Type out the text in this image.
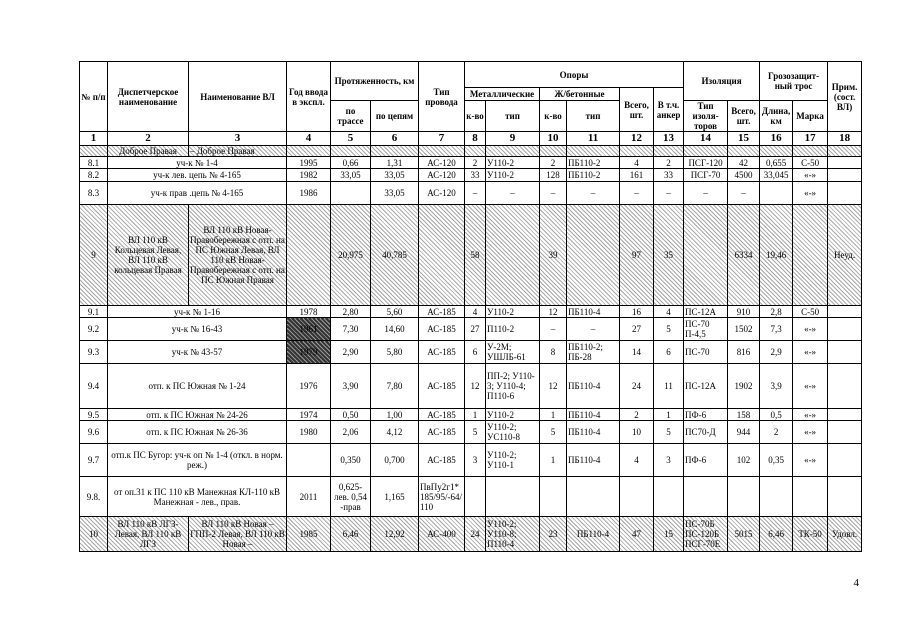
№ п/п	Диспетчерское наименование	Наименование ВЛ	Год ввода в экспл.	Протяженность, км		Тип провода	Опоры						Изоляция		Грозозащит-ный трос		Прим. (сост. ВЛ)
							Металлические		Ж/бетонные		Всего, шт.	В т.ч. анкер					
				по трассе	по цепям		к-во	тип	к-во	тип			Тип изоля-торов	Всего, шт.	Длина, км	Марка	
1	2	3	4	5	6	7	8	9	10	11	12	13	14	15	16	17	18
	Доброе Правая	– Доброе Правая															
8.1	уч-к № 1-4		1995	0,66	1,31	АС-120	2	У110-2	2	ПБ110-2	4	2	ПСГ-120	42	0,655	С-50	
8.2	уч-к лев. цепь № 4-165		1982	33,05	33,05	АС-120	33	У110-2	128	ПБ110-2	161	33	ПСГ-70	4500	33,045	«-»	
8.3	уч-к прав .цепь № 4-165		1986		33,05	АС-120	–	–	–	–	–	–	–	–		«-»	
9	ВЛ 110 кВ Кольцевая Левая, ВЛ 110 кВ кольцевая Правая	ВЛ 110 кВ Новая-Правобережная с отп. на ПС Южная Левая, ВЛ 110 кВ Новая-Правобережная с отп. на ПС Южная Правая		20,975	40,785		58		39		97	35		6334	19,46		Неуд.
9.1	уч-к № 1-16		1978	2,80	5,60	АС-185	4	У110-2	12	ПБ110-4	16	4	ПС-12А	910	2,8	С-50	
9.2	уч-к № 16-43		1961	7,30	14,60	АС-185	27	П110-2	–	–	27	5	ПС-70 П-4,5	1502	7,3	«-»	
9.3	уч-к № 43-57		1979	2,90	5,80	АС-185	6	У-2М; УШЛБ-61	8	ПБ110-2; ПБ-28	14	6	ПС-70	816	2,9	«-»	
9.4	отп. к ПС Южная № 1-24		1976	3,90	7,80	АС-185	12	ПП-2; У110-3; У110-4; П110-6	12	ПБ110-4	24	11	ПС-12А	1902	3,9	«-»	
9.5	отп. к ПС Южная № 24-26		1974	0,50	1,00	АС-185	1	У110-2	1	ПБ110-4	2	1	ПФ-6	158	0,5	«-»	
9.6	отп. к ПС Южная № 26-36		1980	2,06	4,12	АС-185	5	У110-2; УС110-8	5	ПБ110-4	10	5	ПС70-Д	944	2	«-»	
9.7	отп.к ПС Бугор: уч-к оп № 1-4 (откл. в норм. реж.)			0,350	0,700	АС-185	3	У110-2; У110-1	1	ПБ110-4	4	3	ПФ-6	102	0,35	«-»	
9.8.	от оп.31 к ПС 110 кВ Манежная КЛ-110 кВ Манежная - лев., прав.		2011	0,625-лев. 0,54 -прав	1,165	ПвПу2г1*185/95/-64/110											
10	ВЛ 110 кВ ЛГЗ-Левая, ВЛ 110 кВ ЛГЗ	ВЛ 110 кВ Новая – ГПП-2 Левая, ВЛ 110 кВ Новая –	1985	6,46	12,92	АС-400	24	У110-2; У110-8; П110-4	23	ПБ110-4	47	15	ПС-70Б ПС-120Б ПСГ-70Е	5015	6,46	ТК-50	Удовл.
4
